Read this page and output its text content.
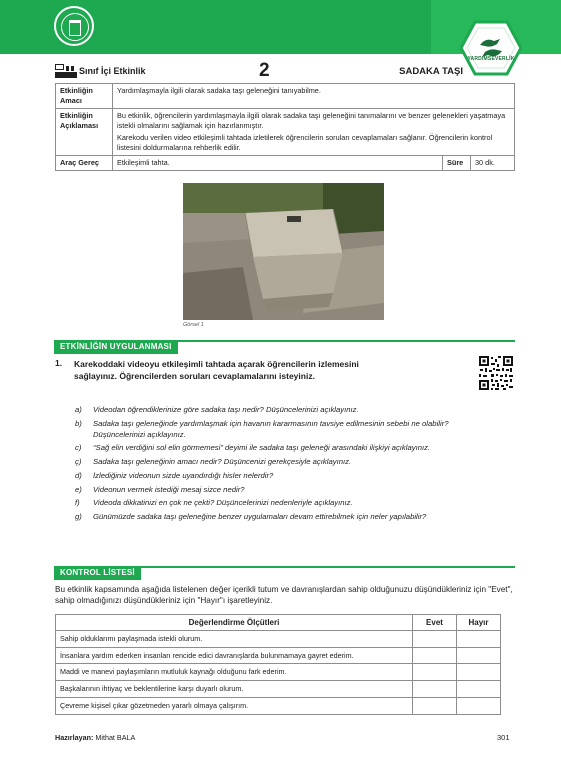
YARDIMSEVERLİK
Sınıf İçi Etkinlik	2	SADAKA TAŞI
Etkinliğin Amacı	Yardımlaşmayla ilgili olarak sadaka taşı geleneğini tanıyabilme.		
Etkinliğin Açıklaması	Bu etkinlik, öğrencilerin yardımlaşmayla ilgili olarak sadaka taşı geleneğini tanımalarını ve benzer gelenekleri yaşatmaya istekli olmalarını sağlamak için hazırlanmıştır.

Karekodu verilen video etkileşimli tahtada izletilerek öğrencilerin soruları cevaplamaları sağlanır. Öğrencilerin kontrol listesini doldurmalarına rehberlik edilir.		

Araç Gereç	Etkileşimli tahta.	Süre	30 dk.
Görsel 1
ETKİNLİĞİN UYGULANMASI
1. Karekoddaki videoyu etkileşimli tahtada açarak öğrencilerin izlemesini sağlayınız. Öğrencilerden soruları cevaplamalarını isteyiniz.
a) Videodan öğrendiklerinize göre sadaka taşı nedir? Düşüncelerinizi açıklayınız.
b) Sadaka taşı geleneğinde yardımlaşmak için havanın kararmasının tavsiye edilmesinin sebebi ne olabilir? Düşüncelerinizi açıklayınız.
c) “Sağ elin verdiğini sol elin görmemesi” deyimi ile sadaka taşı geleneği arasındaki ilişkiyi açıklayınız.
ç) Sadaka taşı geleneğinin amacı nedir? Düşüncenizi gerekçesiyle açıklayınız.
d) İzlediğiniz videonun sizde uyandırdığı hisler nelerdir?
e) Videonun vermek istediği mesaj sizce nedir?
f) Videoda dikkatinizi en çok ne çekti? Düşüncelerinizi nedenleriyle açıklayınız.
g) Günümüzde sadaka taşı geleneğine benzer uygulamaları devam ettirebilmek için neler yapılabilir?
KONTROL LİSTESİ
Bu etkinlik kapsamında aşağıda listelenen değer içerikli tutum ve davranışlardan sahip olduğunuzu düşündükleriniz için "Evet", sahip olmadığınızı düşündükleriniz için "Hayır"ı işaretleyiniz.
Değerlendirme Ölçütleri	Evet	Hayır
Sahip olduklarımı paylaşmada istekli olurum.		
İnsanlara yardım ederken insanları rencide edici davranışlarda bulunmamaya gayret ederim.		
Maddi ve manevi paylaşımların mutluluk kaynağı olduğunu fark ederim.		
Başkalarının ihtiyaç ve beklentilerine karşı duyarlı olurum.		
Çevreme kişisel çıkar gözetmeden yararlı olmaya çalışırım.		
Hazırlayan: Mithat BALA	301
